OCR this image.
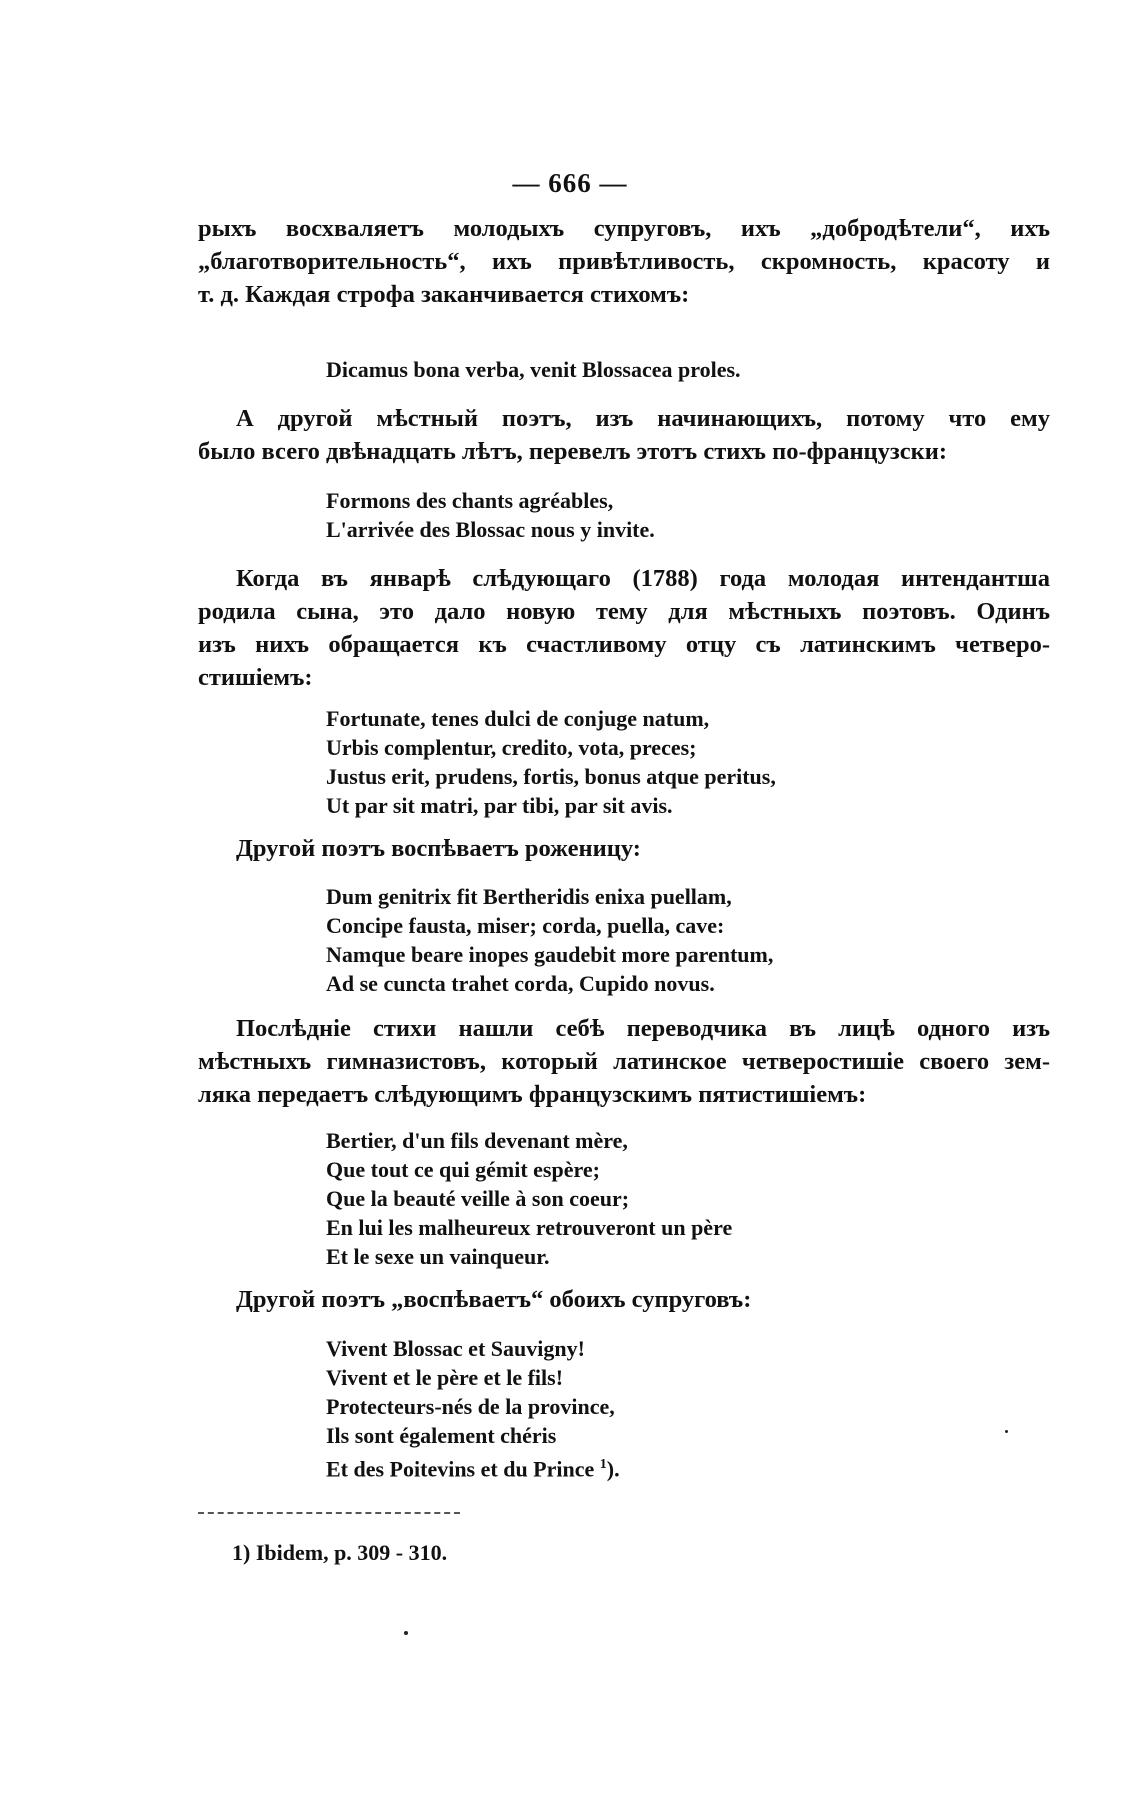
— 666 —
рыхъ восхваляетъ молодыхъ супруговъ, ихъ „добродѣтели“, ихъ
„благотворительность“, ихъ привѣтливость, скромность, красоту и
т. д. Каждая строфа заканчивается стихомъ:
Dicamus bona verba, venit Blossacea proles.
А другой мѣстный поэтъ, изъ начинающихъ, потому что ему
было всего двѣнадцать лѣтъ, перевелъ этотъ стихъ по-французски:
Formons des chants agréables,
L'arrivée des Blossac nous y invite.
Когда въ январѣ слѣдующаго (1788) года молодая интендантша
родила сына, это дало новую тему для мѣстныхъ поэтовъ. Одинъ
изъ нихъ обращается къ счастливому отцу съ латинскимъ четверо-
стишіемъ:
Fortunate, tenes dulci de conjuge natum,
Urbis complentur, credito, vota, preces;
Justus erit, prudens, fortis, bonus atque peritus,
Ut par sit matri, par tibi, par sit avis.
Другой поэтъ воспѣваетъ роженицу:
Dum genitrix fit Bertheridis enixa puellam,
Concipe fausta, miser; corda, puella, cave:
Namque beare inopes gaudebit more parentum,
Ad se cuncta trahet corda, Cupido novus.
Послѣдніе стихи нашли себѣ переводчика въ лицѣ одного изъ
мѣстныхъ гимназистовъ, который латинское четверостишіе своего зем-
ляка передаетъ слѣдующимъ французскимъ пятистишіемъ:
Bertier, d'un fils devenant mère,
Que tout ce qui gémit espère;
Que la beauté veille à son coeur;
En lui les malheureux retrouveront un père
Et le sexe un vainqueur.
Другой поэтъ „воспѣваетъ“ обоихъ супруговъ:
Vivent Blossac et Sauvigny!
Vivent et le père et le fils!
Protecteurs-nés de la province,
Ils sont également chéris
Et des Poitevins et du Prince $^1$).
1) Ibidem, p. 309 - 310.
